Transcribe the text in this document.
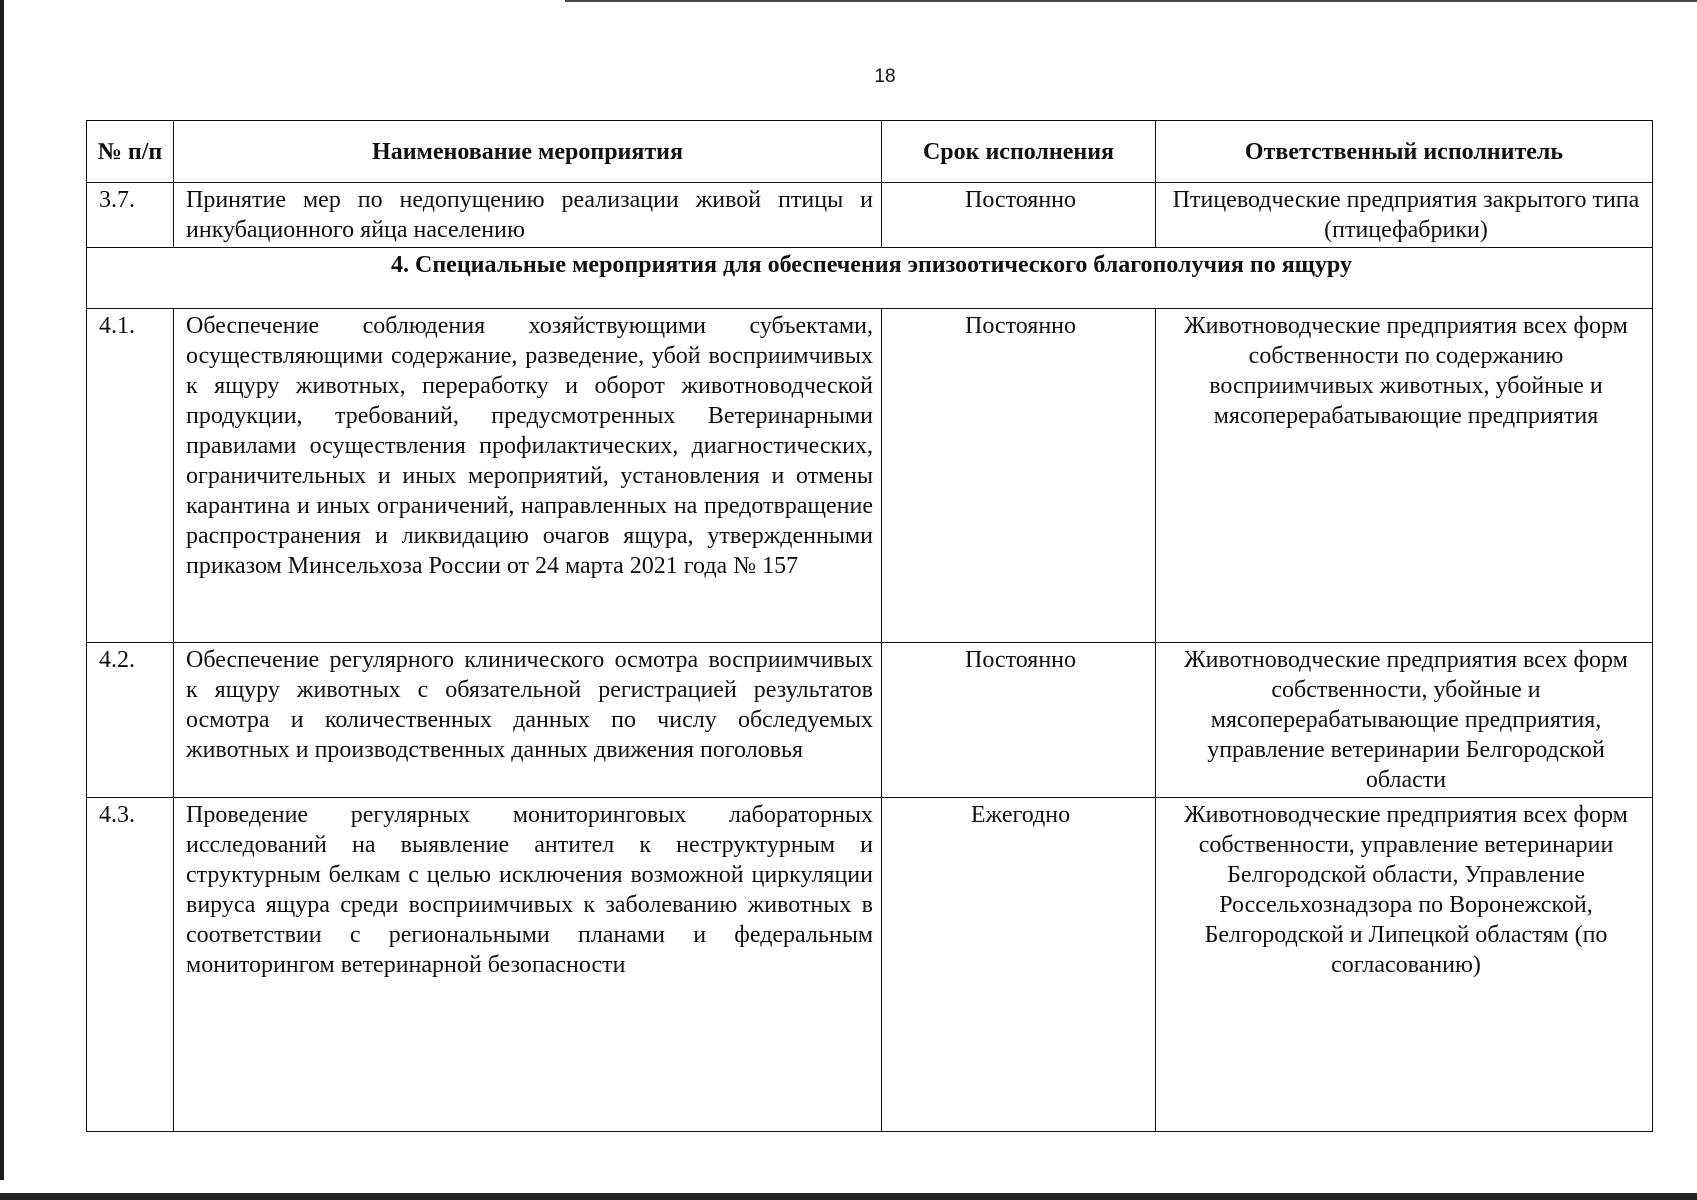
18
№ п/п	Наименование мероприятия	Срок исполнения	Ответственный исполнитель
3.7.	Принятие мер по недопущению реализации живой птицы и инкубационного яйца населению	Постоянно	Птицеводческие предприятия закрытого типа (птицефабрики)
4. Специальные мероприятия для обеспечения эпизоотического благополучия по ящуру			
4.1.	Обеспечение соблюдения хозяйствующими субъектами, осуществляющими содержание, разведение, убой восприимчивых к ящуру животных, переработку и оборот животноводческой продукции, требований, предусмотренных Ветеринарными правилами осуществления профилактических, диагностических, ограничительных и иных мероприятий, установления и отмены карантина и иных ограничений, направленных на предотвращение распространения и ликвидацию очагов ящура, утвержденными приказом Минсельхоза России от 24 марта 2021 года № 157	Постоянно	Животноводческие предприятия всех форм собственности по содержанию восприимчивых животных, убойные и мясоперерабатывающие предприятия
4.2.	Обеспечение регулярного клинического осмотра восприимчивых к ящуру животных с обязательной регистрацией результатов осмотра и количественных данных по числу обследуемых животных и производственных данных движения поголовья	Постоянно	Животноводческие предприятия всех форм собственности, убойные и мясоперерабатывающие предприятия, управление ветеринарии Белгородской области
4.3.	Проведение регулярных мониторинговых лабораторных исследований на выявление антител к неструктурным и структурным белкам с целью исключения возможной циркуляции вируса ящура среди восприимчивых к заболеванию животных в соответствии с региональными планами и федеральным мониторингом ветеринарной безопасности	Ежегодно	Животноводческие предприятия всех форм собственности, управление ветеринарии Белгородской области, Управление Россельхознадзора по Воронежской, Белгородской и Липецкой областям (по согласованию)
